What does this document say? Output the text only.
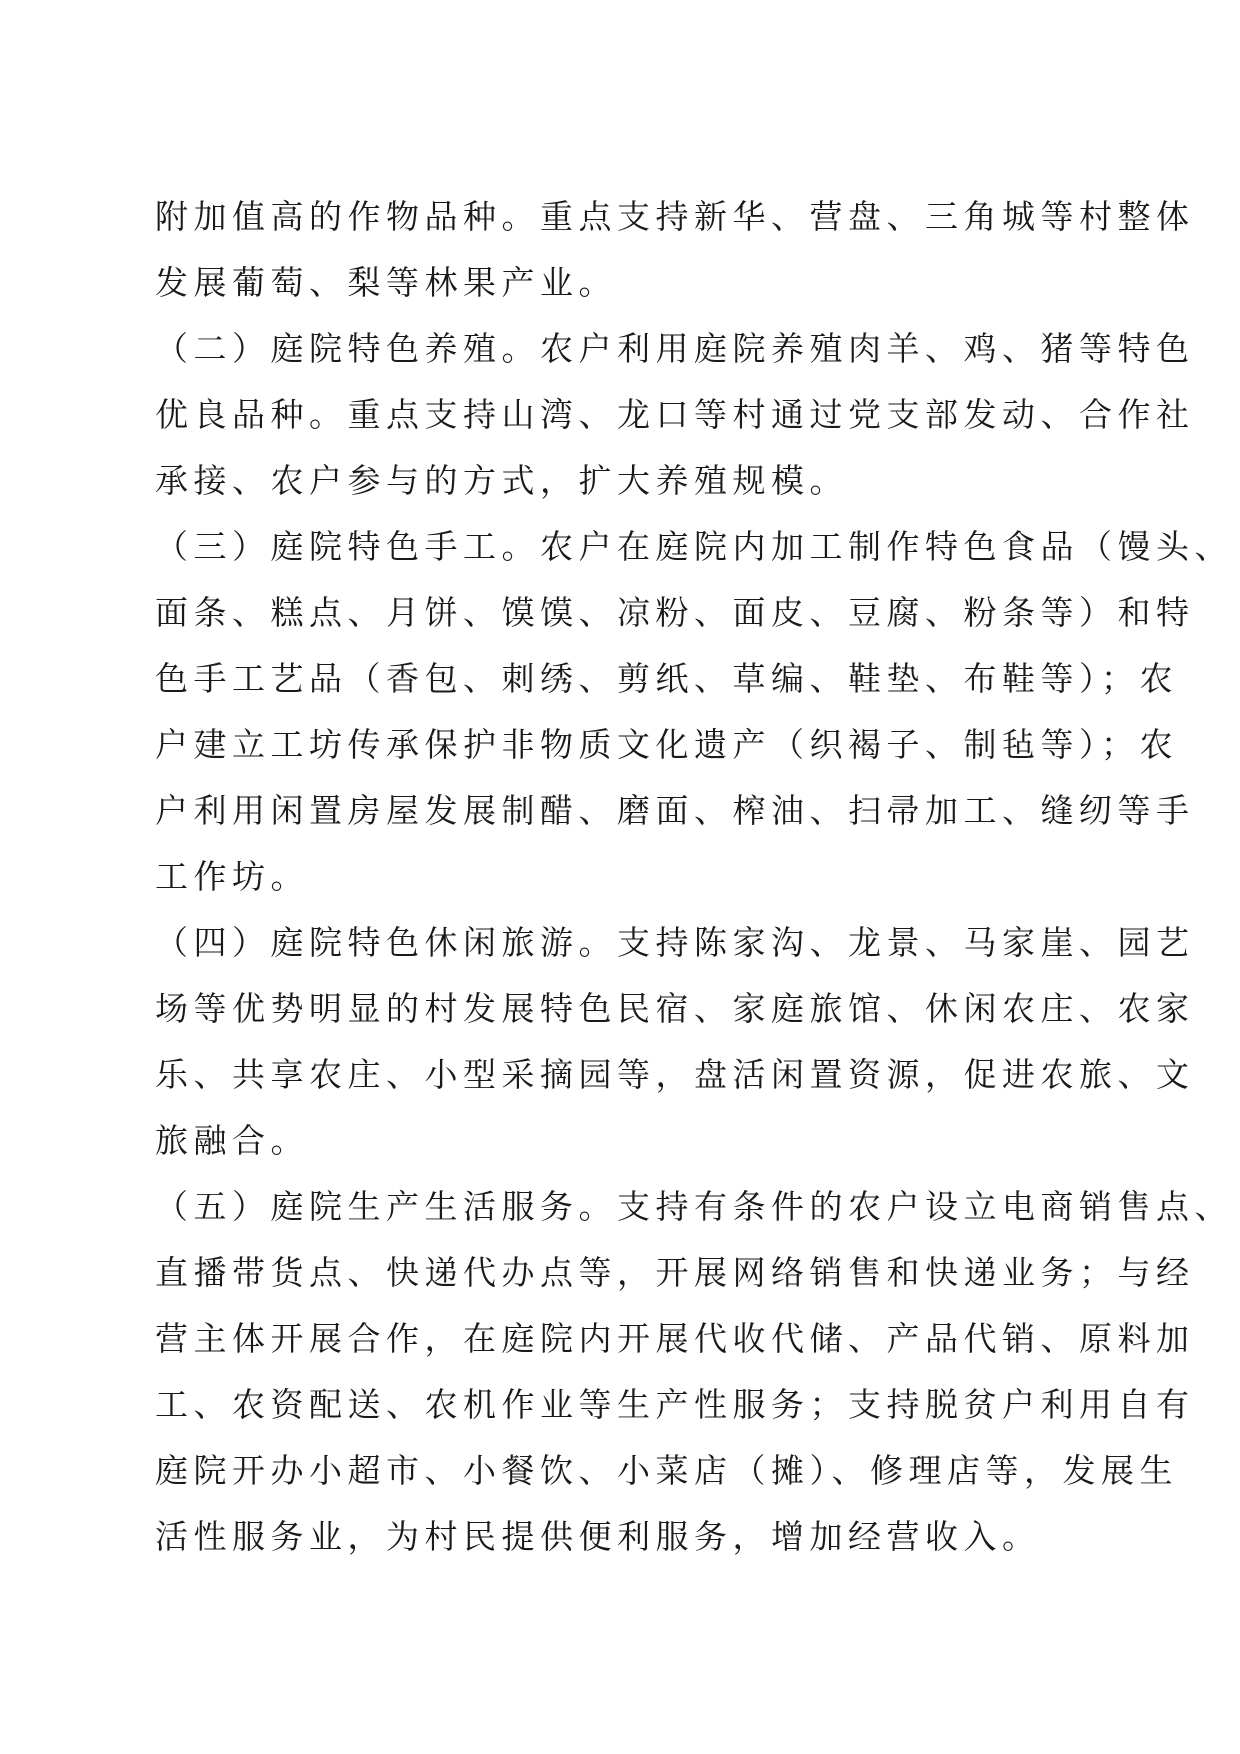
附加值高的作物品种。重点支持新华、营盘、三角城等村整体
发展葡萄、梨等林果产业。
（二）庭院特色养殖。农户利用庭院养殖肉羊、鸡、猪等特色
优良品种。重点支持山湾、龙口等村通过党支部发动、合作社
承接、农户参与的方式，扩大养殖规模。
（三）庭院特色手工。农户在庭院内加工制作特色食品（馒头、
面条、糕点、月饼、馍馍、凉粉、面皮、豆腐、粉条等）和特
色手工艺品（香包、刺绣、剪纸、草编、鞋垫、布鞋等）；农
户建立工坊传承保护非物质文化遗产（织褐子、制毡等）；农
户利用闲置房屋发展制醋、磨面、榨油、扫帚加工、缝纫等手
工作坊。
（四）庭院特色休闲旅游。支持陈家沟、龙景、马家崖、园艺
场等优势明显的村发展特色民宿、家庭旅馆、休闲农庄、农家
乐、共享农庄、小型采摘园等，盘活闲置资源，促进农旅、文
旅融合。
（五）庭院生产生活服务。支持有条件的农户设立电商销售点、
直播带货点、快递代办点等，开展网络销售和快递业务；与经
营主体开展合作，在庭院内开展代收代储、产品代销、原料加
工、农资配送、农机作业等生产性服务；支持脱贫户利用自有
庭院开办小超市、小餐饮、小菜店（摊）、修理店等，发展生
活性服务业，为村民提供便利服务，增加经营收入。
